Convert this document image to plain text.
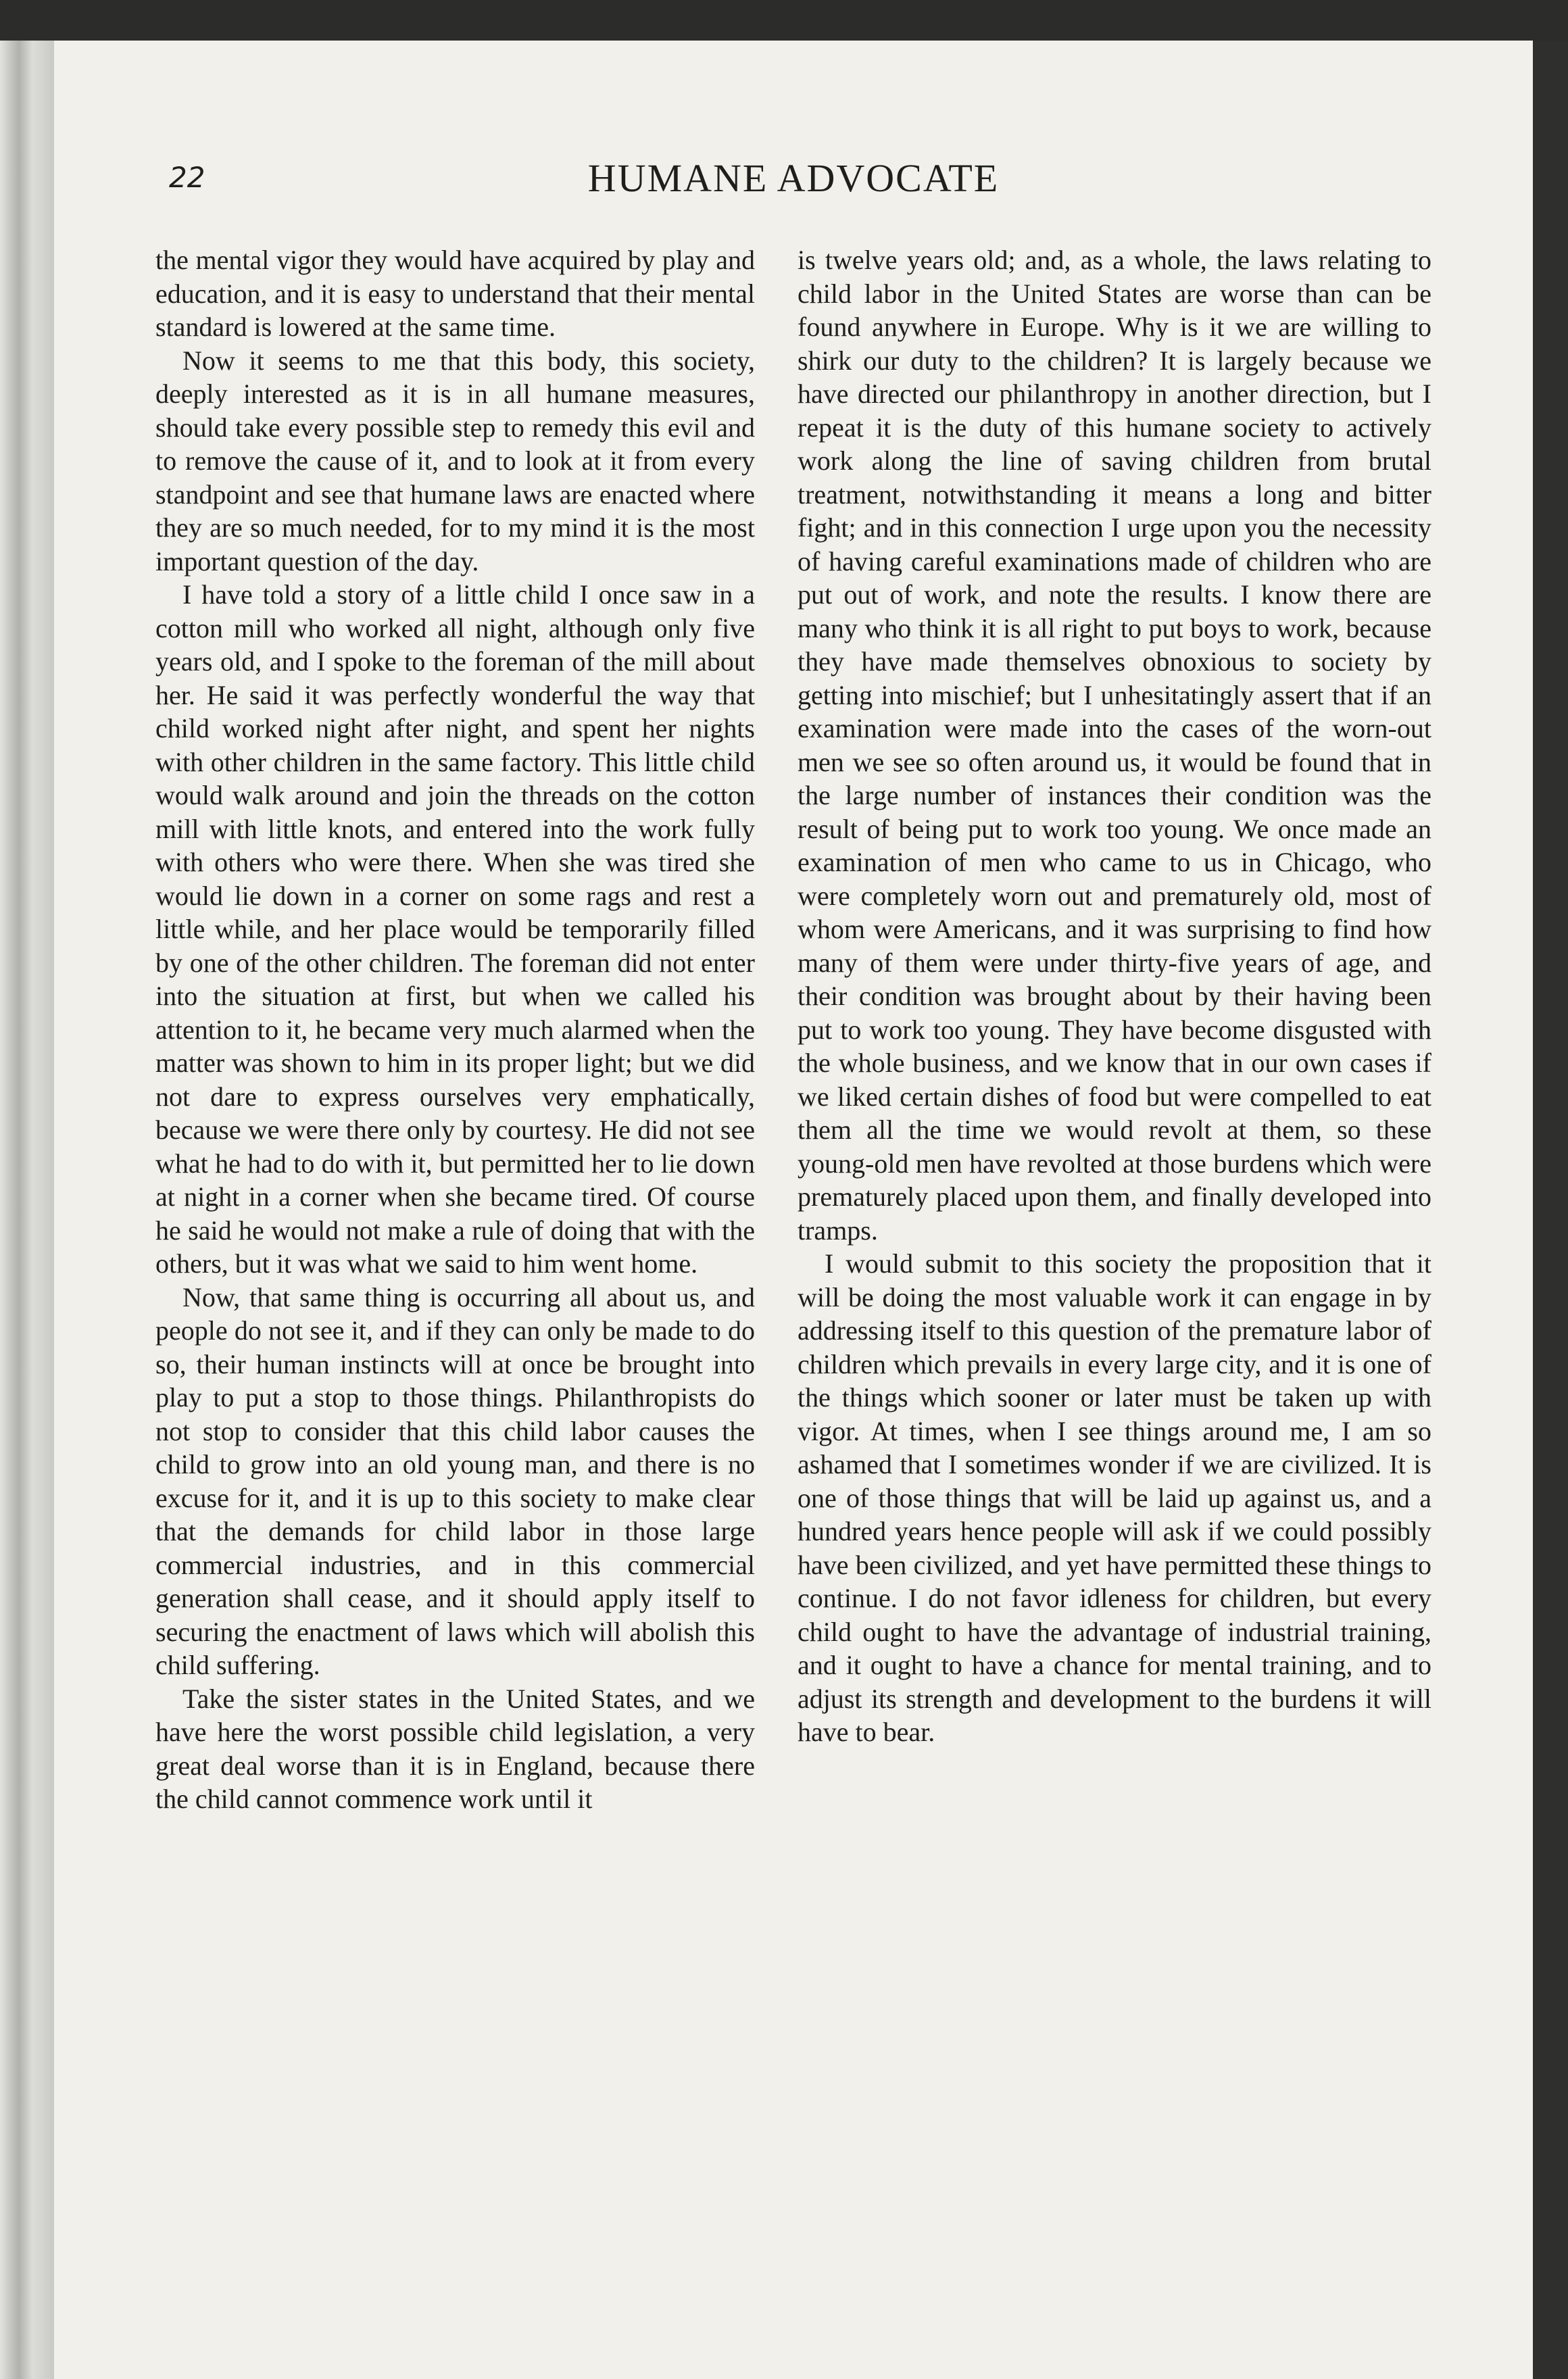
22	HUMANE ADVOCATE

the mental vigor they would have acquired by play and education, and it is easy to understand that their mental standard is lowered at the same time.

Now it seems to me that this body, this society, deeply interested as it is in all humane measures, should take every possible step to remedy this evil and to remove the cause of it, and to look at it from every standpoint and see that humane laws are enacted where they are so much needed, for to my mind it is the most important question of the day.

I have told a story of a little child I once saw in a cotton mill who worked all night, although only five years old, and I spoke to the foreman of the mill about her. He said it was perfectly wonderful the way that child worked night after night, and spent her nights with other children in the same factory. This little child would walk around and join the threads on the cotton mill with little knots, and entered into the work fully with others who were there. When she was tired she would lie down in a corner on some rags and rest a little while, and her place would be temporarily filled by one of the other children. The foreman did not enter into the situation at first, but when we called his attention to it, he became very much alarmed when the matter was shown to him in its proper light; but we did not dare to express ourselves very emphatically, because we were there only by courtesy. He did not see what he had to do with it, but permitted her to lie down at night in a corner when she became tired. Of course he said he would not make a rule of doing that with the others, but it was what we said to him went home.

Now, that same thing is occurring all about us, and people do not see it, and if they can only be made to do so, their human instincts will at once be brought into play to put a stop to those things. Philanthropists do not stop to consider that this child labor causes the child to grow into an old young man, and there is no excuse for it, and it is up to this society to make clear that the demands for child labor in those large commercial industries, and in this commercial generation shall cease, and it should apply itself to securing the enactment of laws which will abolish this child suffering.

Take the sister states in the United States, and we have here the worst possible child legislation, a very great deal worse than it is in England, because there the child cannot commence work until it

is twelve years old; and, as a whole, the laws relating to child labor in the United States are worse than can be found anywhere in Europe. Why is it we are willing to shirk our duty to the children? It is largely because we have directed our philanthropy in another direction, but I repeat it is the duty of this humane society to actively work along the line of saving children from brutal treatment, notwithstanding it means a long and bitter fight; and in this connection I urge upon you the necessity of having careful examinations made of children who are put out of work, and note the results. I know there are many who think it is all right to put boys to work, because they have made themselves obnoxious to society by getting into mischief; but I unhesitatingly assert that if an examination were made into the cases of the worn-out men we see so often around us, it would be found that in the large number of instances their condition was the result of being put to work too young. We once made an examination of men who came to us in Chicago, who were completely worn out and prematurely old, most of whom were Americans, and it was surprising to find how many of them were under thirty-five years of age, and their condition was brought about by their having been put to work too young. They have become disgusted with the whole business, and we know that in our own cases if we liked certain dishes of food but were compelled to eat them all the time we would revolt at them, so these young-old men have revolted at those burdens which were prematurely placed upon them, and finally developed into tramps.

I would submit to this society the proposition that it will be doing the most valuable work it can engage in by addressing itself to this question of the premature labor of children which prevails in every large city, and it is one of the things which sooner or later must be taken up with vigor. At times, when I see things around me, I am so ashamed that I sometimes wonder if we are civilized. It is one of those things that will be laid up against us, and a hundred years hence people will ask if we could possibly have been civilized, and yet have permitted these things to continue. I do not favor idleness for children, but every child ought to have the advantage of industrial training, and it ought to have a chance for mental training, and to adjust its strength and development to the burdens it will have to bear.
